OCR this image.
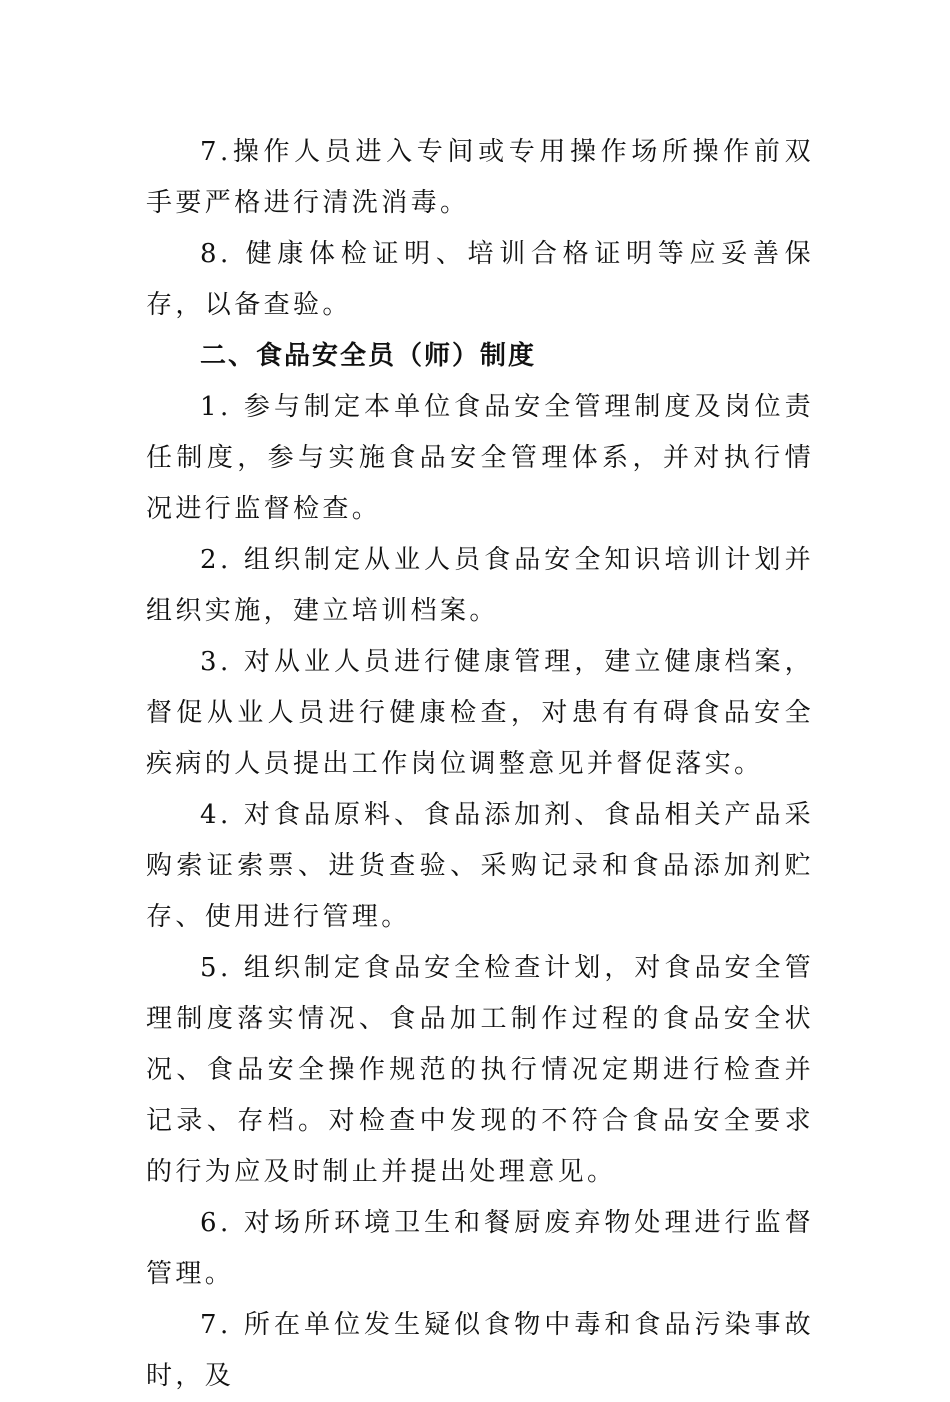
7.操作人员进入专间或专用操作场所操作前双手要严格进行清洗消毒。

8. 健康体检证明、培训合格证明等应妥善保存，以备查验。

二、食品安全员（师）制度

1. 参与制定本单位食品安全管理制度及岗位责任制度，参与实施食品安全管理体系，并对执行情况进行监督检查。

2. 组织制定从业人员食品安全知识培训计划并组织实施，建立培训档案。

3. 对从业人员进行健康管理，建立健康档案，督促从业人员进行健康检查，对患有有碍食品安全疾病的人员提出工作岗位调整意见并督促落实。

4. 对食品原料、食品添加剂、食品相关产品采购索证索票、进货查验、采购记录和食品添加剂贮存、使用进行管理。

5. 组织制定食品安全检查计划，对食品安全管理制度落实情况、食品加工制作过程的食品安全状况、食品安全操作规范的执行情况定期进行检查并记录、存档。对检查中发现的不符合食品安全要求的行为应及时制止并提出处理意见。

6. 对场所环境卫生和餐厨废弃物处理进行监督管理。

7. 所在单位发生疑似食物中毒和食品污染事故时，及
